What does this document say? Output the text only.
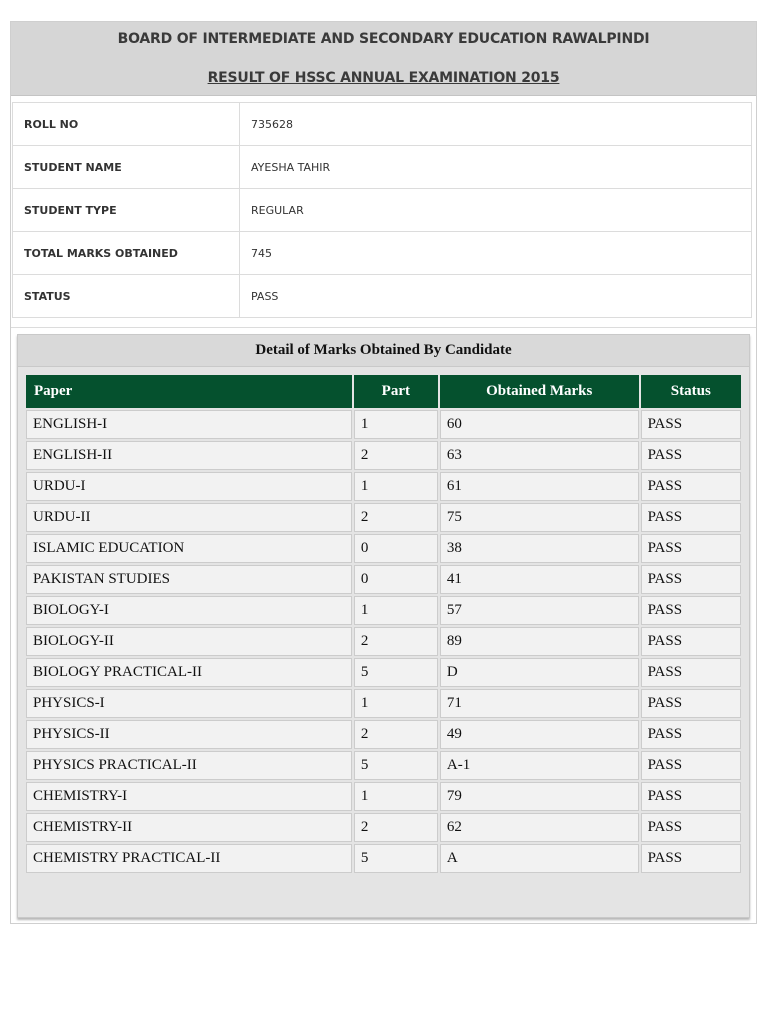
BOARD OF INTERMEDIATE AND SECONDARY EDUCATION RAWALPINDI
RESULT OF HSSC ANNUAL EXAMINATION 2015
ROLL NO	735628
STUDENT NAME	AYESHA TAHIR
STUDENT TYPE	REGULAR
TOTAL MARKS OBTAINED	745
STATUS	PASS
Detail of Marks Obtained By Candidate
Paper	Part	Obtained Marks	Status
ENGLISH-I	1	60	PASS
ENGLISH-II	2	63	PASS
URDU-I	1	61	PASS
URDU-II	2	75	PASS
ISLAMIC EDUCATION	0	38	PASS
PAKISTAN STUDIES	0	41	PASS
BIOLOGY-I	1	57	PASS
BIOLOGY-II	2	89	PASS
BIOLOGY PRACTICAL-II	5	D	PASS
PHYSICS-I	1	71	PASS
PHYSICS-II	2	49	PASS
PHYSICS PRACTICAL-II	5	A-1	PASS
CHEMISTRY-I	1	79	PASS
CHEMISTRY-II	2	62	PASS
CHEMISTRY PRACTICAL-II	5	A	PASS
